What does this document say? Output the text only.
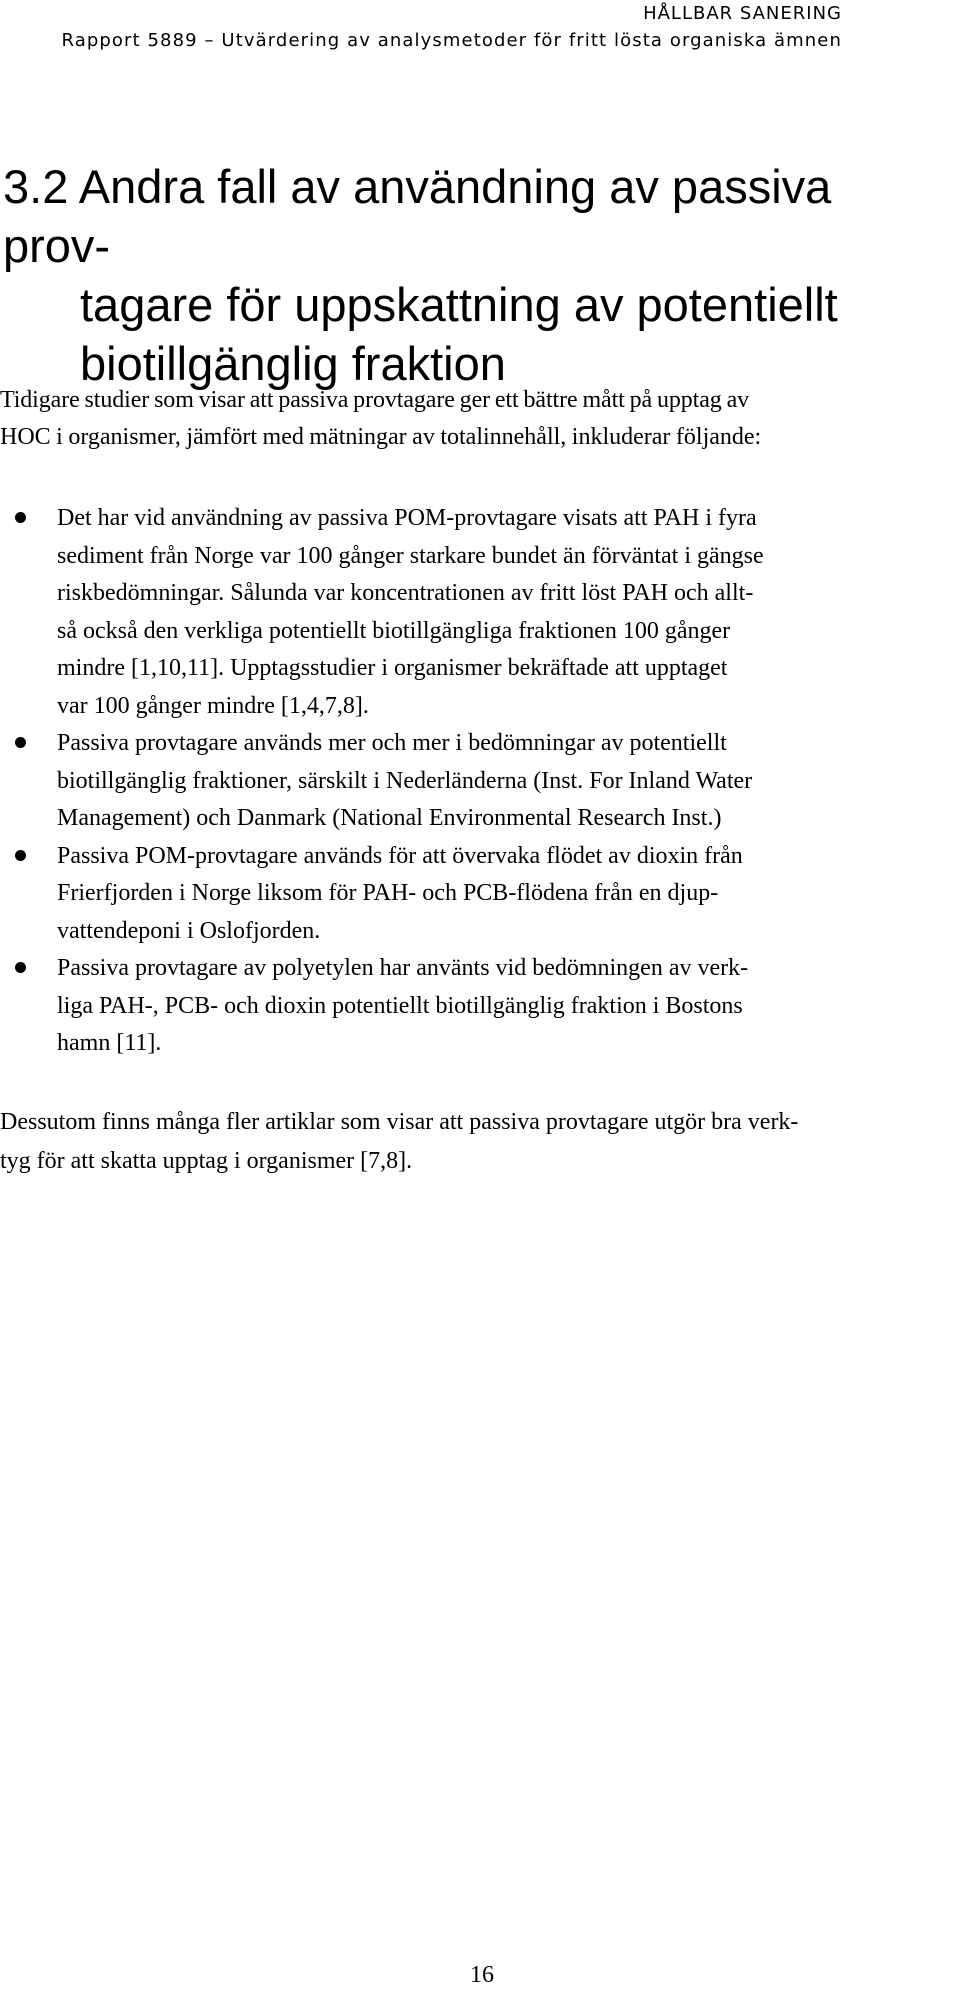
HÅLLBAR SANERING
Rapport 5889 – Utvärdering av analysmetoder för fritt lösta organiska ämnen
3.2 Andra fall av användning av passiva prov-
tagare för uppskattning av potentiellt
biotillgänglig fraktion
Tidigare studier som visar att passiva provtagare ger ett bättre mått på upptag av
HOC i organismer, jämfört med mätningar av totalinnehåll, inkluderar följande:
Det har vid användning av passiva POM-provtagare visats att PAH i fyra
sediment från Norge var 100 gånger starkare bundet än förväntat i gängse
riskbedömningar. Sålunda var koncentrationen av fritt löst PAH och allt-
så också den verkliga potentiellt biotillgängliga fraktionen 100 gånger
mindre [1,10,11]. Upptagsstudier i organismer bekräftade att upptaget
var 100 gånger mindre [1,4,7,8].
Passiva provtagare används mer och mer i bedömningar av potentiellt
biotillgänglig fraktioner, särskilt i Nederländerna (Inst. For Inland Water
Management) och Danmark (National Environmental Research Inst.)
Passiva POM-provtagare används för att övervaka flödet av dioxin från
Frierfjorden i Norge liksom för PAH- och PCB-flödena från en djup-
vattendeponi i Oslofjorden.
Passiva provtagare av polyetylen har använts vid bedömningen av verk-
liga PAH-, PCB- och dioxin potentiellt biotillgänglig fraktion i Bostons
hamn [11].
Dessutom finns många fler artiklar som visar att passiva provtagare utgör bra verk-
tyg för att skatta upptag i organismer [7,8].
16
